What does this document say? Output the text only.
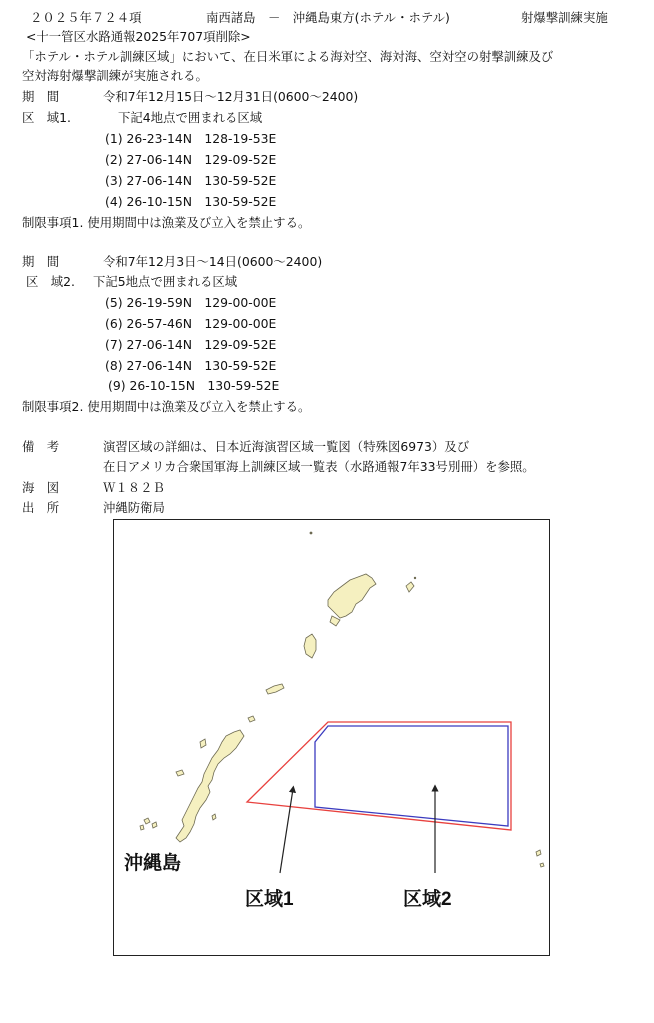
２０２５年７２４項	南西諸島　－　沖縄島東方(ホテル・ホテル)	射爆撃訓練実施
<十一管区水路通報2025年707項削除>
「ホテル・ホテル訓練区域」において、在日米軍による海対空、海対海、空対空の射撃訓練及び
空対海射爆撃訓練が実施される。
期　間	令和7年12月15日～12月31日(0600～2400)
区　域1.	下記4地点で囲まれる区域
(1) 26-23-14N　128-19-53E
(2) 27-06-14N　129-09-52E
(3) 27-06-14N　130-59-52E
(4) 26-10-15N　130-59-52E
制限事項1. 使用期間中は漁業及び立入を禁止する。
期　間	令和7年12月3日～14日(0600～2400)
区　域2. 下記5地点で囲まれる区域
(5) 26-19-59N　129-00-00E
(6) 26-57-46N　129-00-00E
(7) 27-06-14N　129-09-52E
(8) 27-06-14N　130-59-52E
(9) 26-10-15N　130-59-52E
制限事項2. 使用期間中は漁業及び立入を禁止する。
備　考	演習区域の詳細は、日本近海演習区域一覧図（特殊図6973）及び
在日アメリカ合衆国軍海上訓練区域一覧表（水路通報7年33号別冊）を参照。
海　図	Ｗ１８２Ｂ
出　所	沖縄防衛局
沖縄島
区域1	区域2
